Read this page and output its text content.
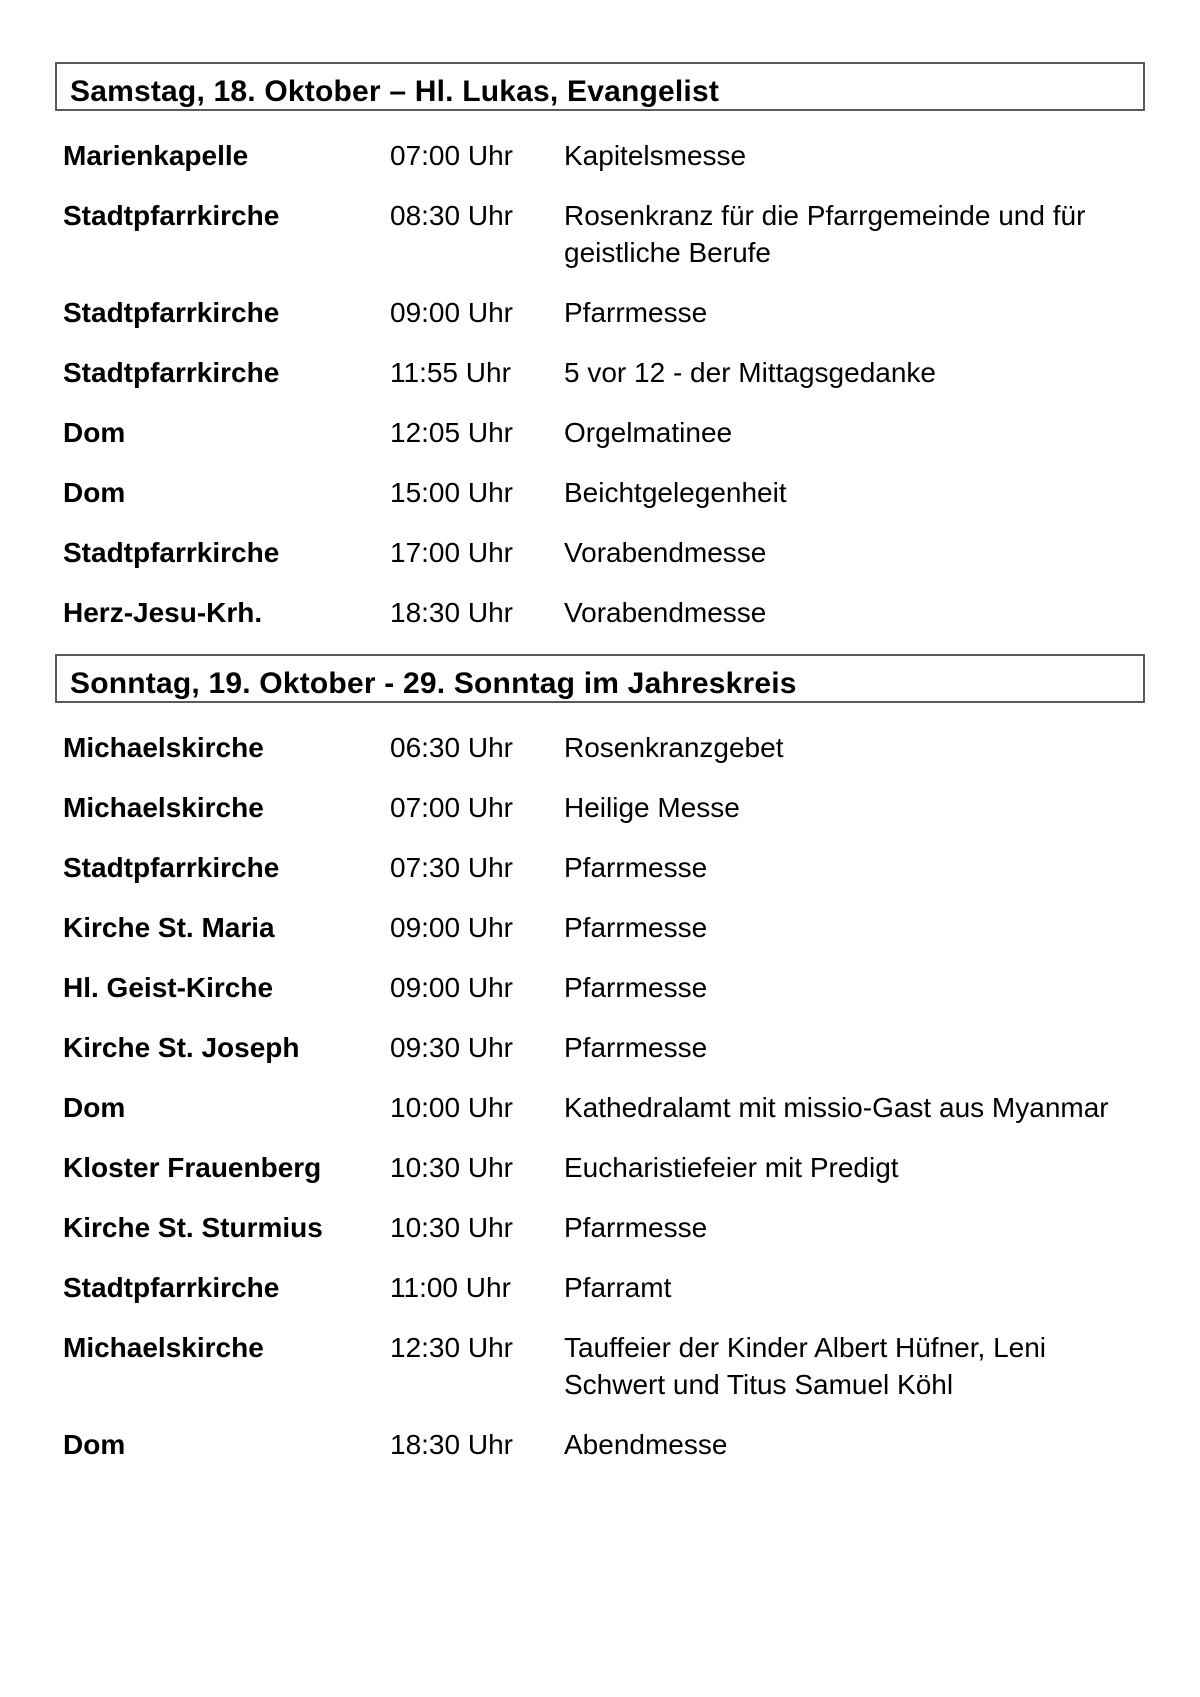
Samstag, 18. Oktober – Hl. Lukas, Evangelist
Marienkapelle	07:00 Uhr	Kapitelsmesse
Stadtpfarrkirche	08:30 Uhr	Rosenkranz für die Pfarrgemeinde und für geistliche Berufe
Stadtpfarrkirche	09:00 Uhr	Pfarrmesse
Stadtpfarrkirche	11:55 Uhr	5 vor 12 - der Mittagsgedanke
Dom	12:05 Uhr	Orgelmatinee
Dom	15:00 Uhr	Beichtgelegenheit
Stadtpfarrkirche	17:00 Uhr	Vorabendmesse
Herz-Jesu-Krh.	18:30 Uhr	Vorabendmesse
Sonntag, 19. Oktober - 29. Sonntag im Jahreskreis
Michaelskirche	06:30 Uhr	Rosenkranzgebet
Michaelskirche	07:00 Uhr	Heilige Messe
Stadtpfarrkirche	07:30 Uhr	Pfarrmesse
Kirche St. Maria	09:00 Uhr	Pfarrmesse
Hl. Geist-Kirche	09:00 Uhr	Pfarrmesse
Kirche St. Joseph	09:30 Uhr	Pfarrmesse
Dom	10:00 Uhr	Kathedralamt mit missio-Gast aus Myanmar
Kloster Frauenberg	10:30 Uhr	Eucharistiefeier mit Predigt
Kirche St. Sturmius	10:30 Uhr	Pfarrmesse
Stadtpfarrkirche	11:00 Uhr	Pfarramt
Michaelskirche	12:30 Uhr	Tauffeier der Kinder Albert Hüfner, Leni Schwert und Titus Samuel Köhl
Dom	18:30 Uhr	Abendmesse
